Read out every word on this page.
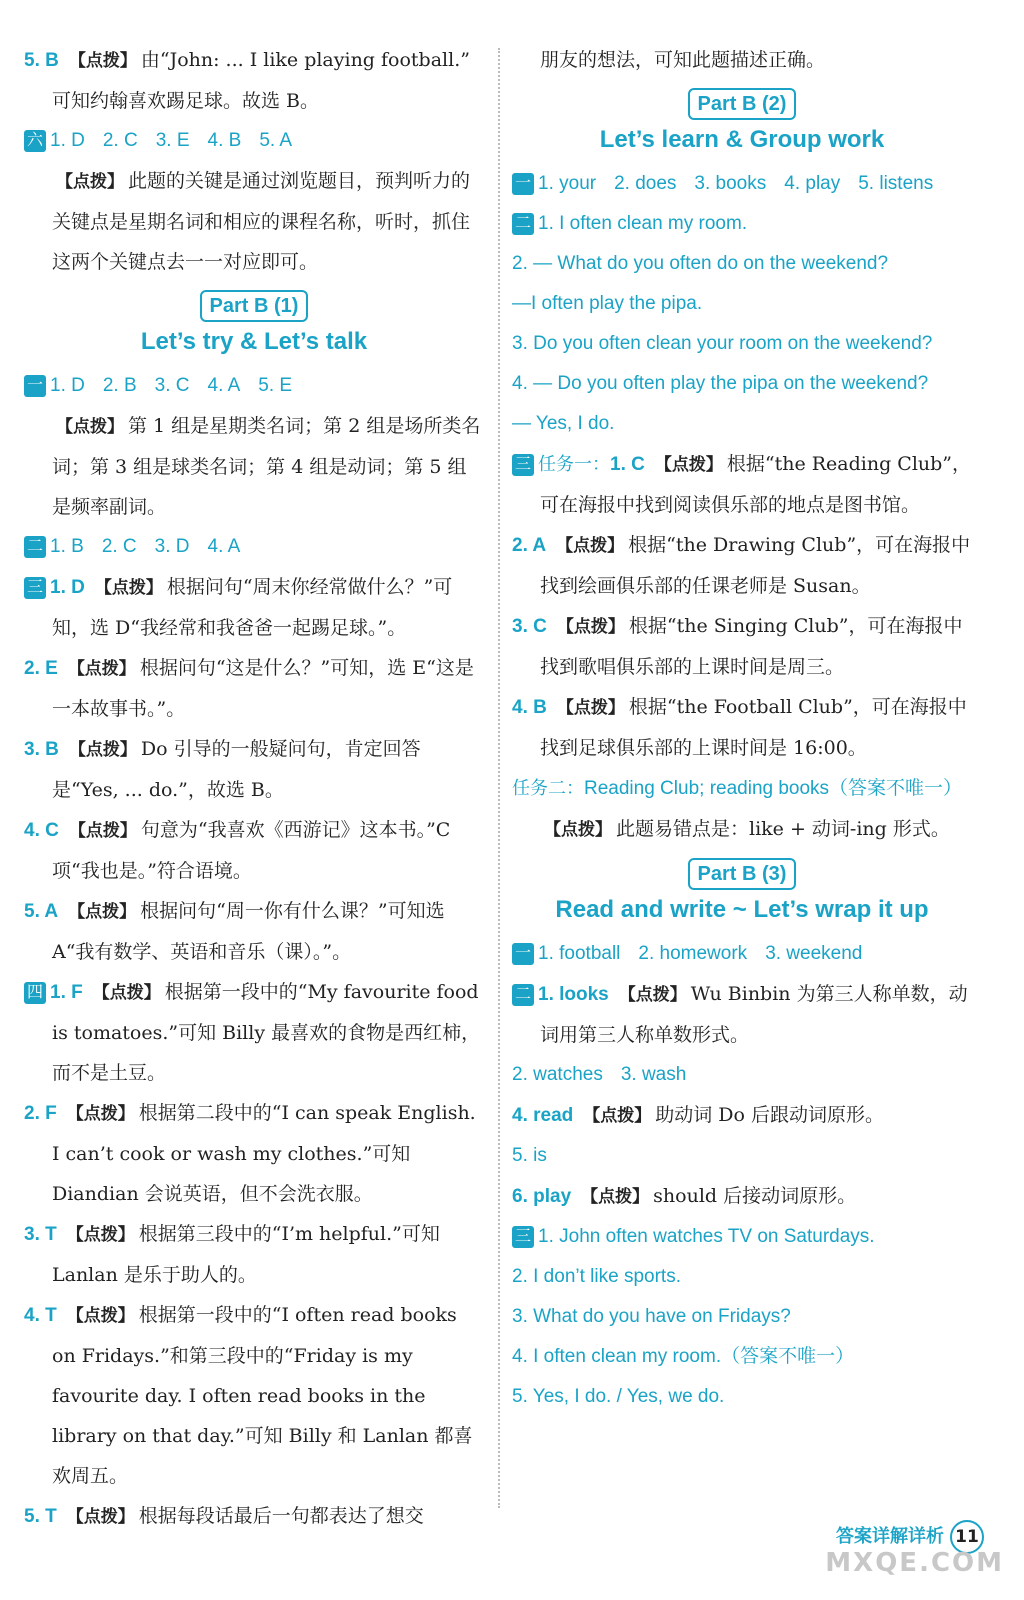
5. B 【点拨】 由“John: ... I like playing football.”
可知约翰喜欢踢足球。故选 B。

六 1. D 2. C 3. E 4. B 5. A

【点拨】 此题的关键是通过浏览题目，预判听力的关键点是星期名词和相应的课程名称，听时，抓住这两个关键点去一一对应即可。

Part B (1)
Let’s try & Let’s talk

一 1. D 2. B 3. C 4. A 5. E

【点拨】 第 1 组是星期类名词；第 2 组是场所类名词；第 3 组是球类名词；第 4 组是动词；第 5 组是频率副词。

二 1. B 2. C 3. D 4. A

三 1. D 【点拨】 根据问句“周末你经常做什么？”可知，选 D“我经常和我爸爸一起踢足球。”。

2. E 【点拨】 根据问句“这是什么？”可知，选 E“这是一本故事书。”。

3. B 【点拨】 Do 引导的一般疑问句，肯定回答是“Yes, ... do.”，故选 B。

4. C 【点拨】 句意为“我喜欢《西游记》这本书。”C 项“我也是。”符合语境。

5. A 【点拨】 根据问句“周一你有什么课？”可知选 A“我有数学、英语和音乐（课）。”。

四 1. F 【点拨】 根据第一段中的“My favourite food is tomatoes.”可知 Billy 最喜欢的食物是西红柿，而不是土豆。

2. F 【点拨】 根据第二段中的“I can speak English. I can’t cook or wash my clothes.”可知 Diandian 会说英语，但不会洗衣服。

3. T 【点拨】 根据第三段中的“I’m helpful.”可知 Lanlan 是乐于助人的。

4. T 【点拨】 根据第一段中的“I often read books on Fridays.”和第三段中的“Friday is my favourite day. I often read books in the library on that day.”可知 Billy 和 Lanlan 都喜欢周五。

5. T 【点拨】 根据每段话最后一句都表达了想交

朋友的想法，可知此题描述正确。

Part B (2)
Let’s learn & Group work

一 1. your 2. does 3. books 4. play 5. listens

二 1. I often clean my room.

2. — What do you often do on the weekend?

—I often play the pipa.

3. Do you often clean your room on the weekend?

4. — Do you often play the pipa on the weekend?

— Yes, I do.

三 任务一：1. C 【点拨】 根据“the Reading Club”，可在海报中找到阅读俱乐部的地点是图书馆。

2. A 【点拨】 根据“the Drawing Club”，可在海报中找到绘画俱乐部的任课老师是 Susan。

3. C 【点拨】 根据“the Singing Club”，可在海报中找到歌唱俱乐部的上课时间是周三。

4. B 【点拨】 根据“the Football Club”，可在海报中找到足球俱乐部的上课时间是 16:00。

任务二：Reading Club; reading books（答案不唯一）

【点拨】 此题易错点是：like + 动词-ing 形式。

Part B (3)
Read and write ~ Let’s wrap it up

一 1. football 2. homework 3. weekend

二 1. looks 【点拨】 Wu Binbin 为第三人称单数，动词用第三人称单数形式。

2. watches 3. wash

4. read 【点拨】 助动词 Do 后跟动词原形。

5. is

6. play 【点拨】 should 后接动词原形。

三 1. John often watches TV on Saturdays.

2. I don’t like sports.

3. What do you have on Fridays?

4. I often clean my room.（答案不唯一）

5. Yes, I do. / Yes, we do.

答案详解详析 11
MXQE.COM
